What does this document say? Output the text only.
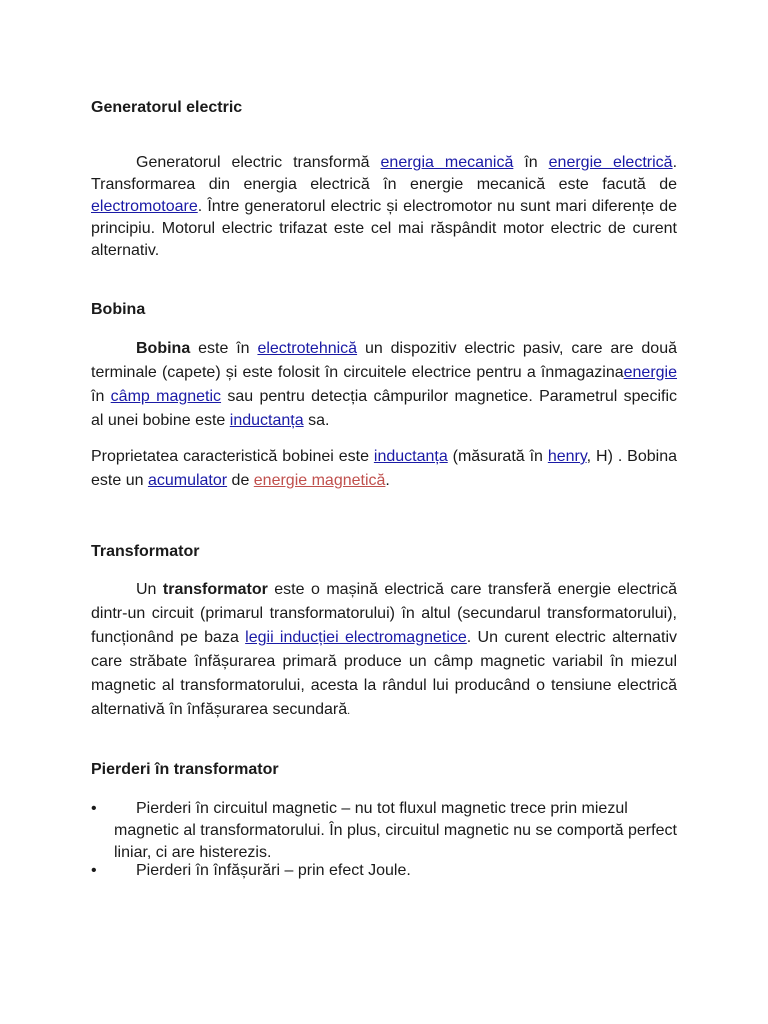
Generatorul electric

Generatorul electric transformă energia mecanică în energie electrică. Transformarea din energia electrică în energie mecanică este facută de electromotoare. Între generatorul electric și electromotor nu sunt mari diferențe de principiu. Motorul electric trifazat este cel mai răspândit motor electric de curent alternativ.

Bobina

Bobina este în electrotehnică un dispozitiv electric pasiv, care are două terminale (capete) și este folosit în circuitele electrice pentru a înmagazinaenergie în câmp magnetic sau pentru detecția câmpurilor magnetice. Parametrul specific al unei bobine este inductanța sa.

Proprietatea caracteristică bobinei este inductanța (măsurată în henry, H) . Bobina este un acumulator de energie magnetică.

Transformator

Un transformator este o mașină electrică care transferă energie electrică dintr-un circuit (primarul transformatorului) în altul (secundarul transformatorului), funcționând pe baza legii inducției electromagnetice. Un curent electric alternativ care străbate înfășurarea primară produce un câmp magnetic variabil în miezul magnetic al transformatorului, acesta la rândul lui producând o tensiune electrică alternativă în înfășurarea secundară.

Pierderi în transformator
•	Pierderi în circuitul magnetic – nu tot fluxul magnetic trece prin miezul magnetic al transformatorului. În plus, circuitul magnetic nu se comportă perfect liniar, ci are histerezis.
•	Pierderi în înfășurări – prin efect Joule.
